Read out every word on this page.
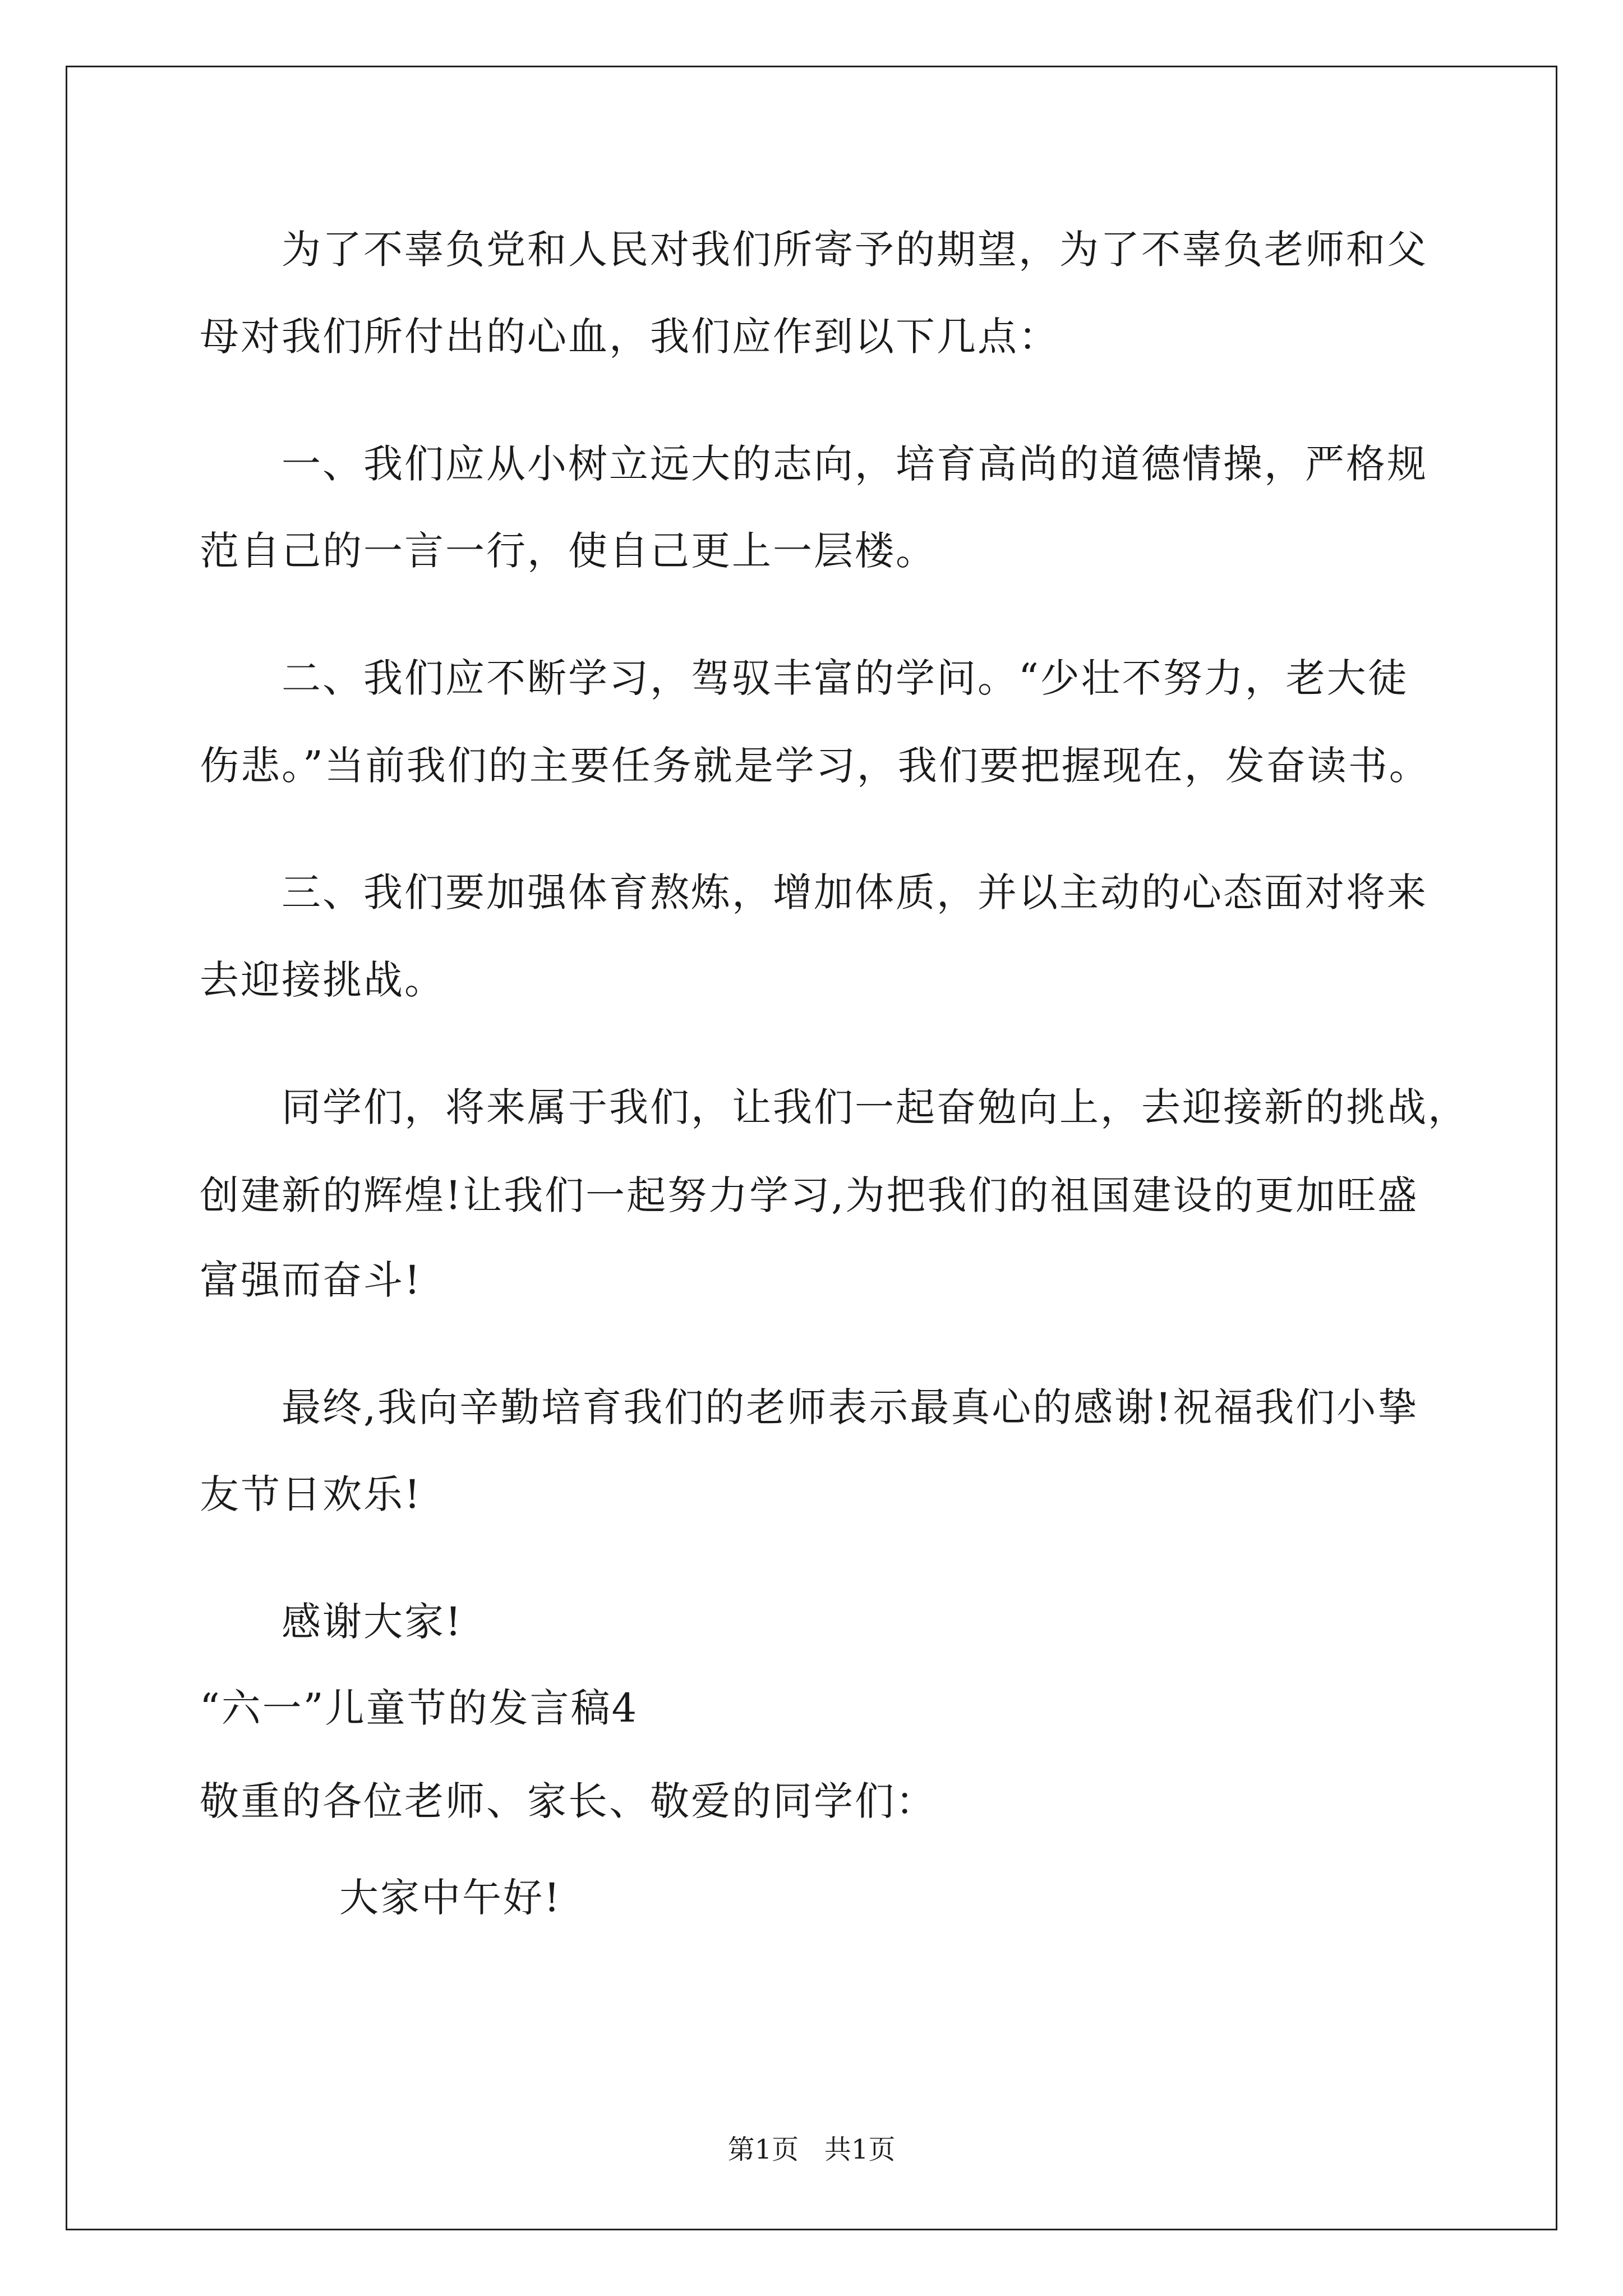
为了不辜负党和人民对我们所寄予的期望，为了不辜负老师和父
母对我们所付出的心血，我们应作到以下几点：
一、我们应从小树立远大的志向，培育高尚的道德情操，严格规
范自己的一言一行，使自己更上一层楼。
二、我们应不断学习，驾驭丰富的学问。“少壮不努力，老大徒
伤悲。”当前我们的主要任务就是学习，我们要把握现在，发奋读书。
三、我们要加强体育熬炼，增加体质，并以主动的心态面对将来
去迎接挑战。
同学们，将来属于我们，让我们一起奋勉向上，去迎接新的挑战，
创建新的辉煌!让我们一起努力学习,为把我们的祖国建设的更加旺盛
富强而奋斗!
最终,我向辛勤培育我们的老师表示最真心的感谢!祝福我们小挚
友节日欢乐!
感谢大家!
“六一”儿童节的发言稿4
敬重的各位老师、家长、敬爱的同学们：
大家中午好!
第1页   共1页
